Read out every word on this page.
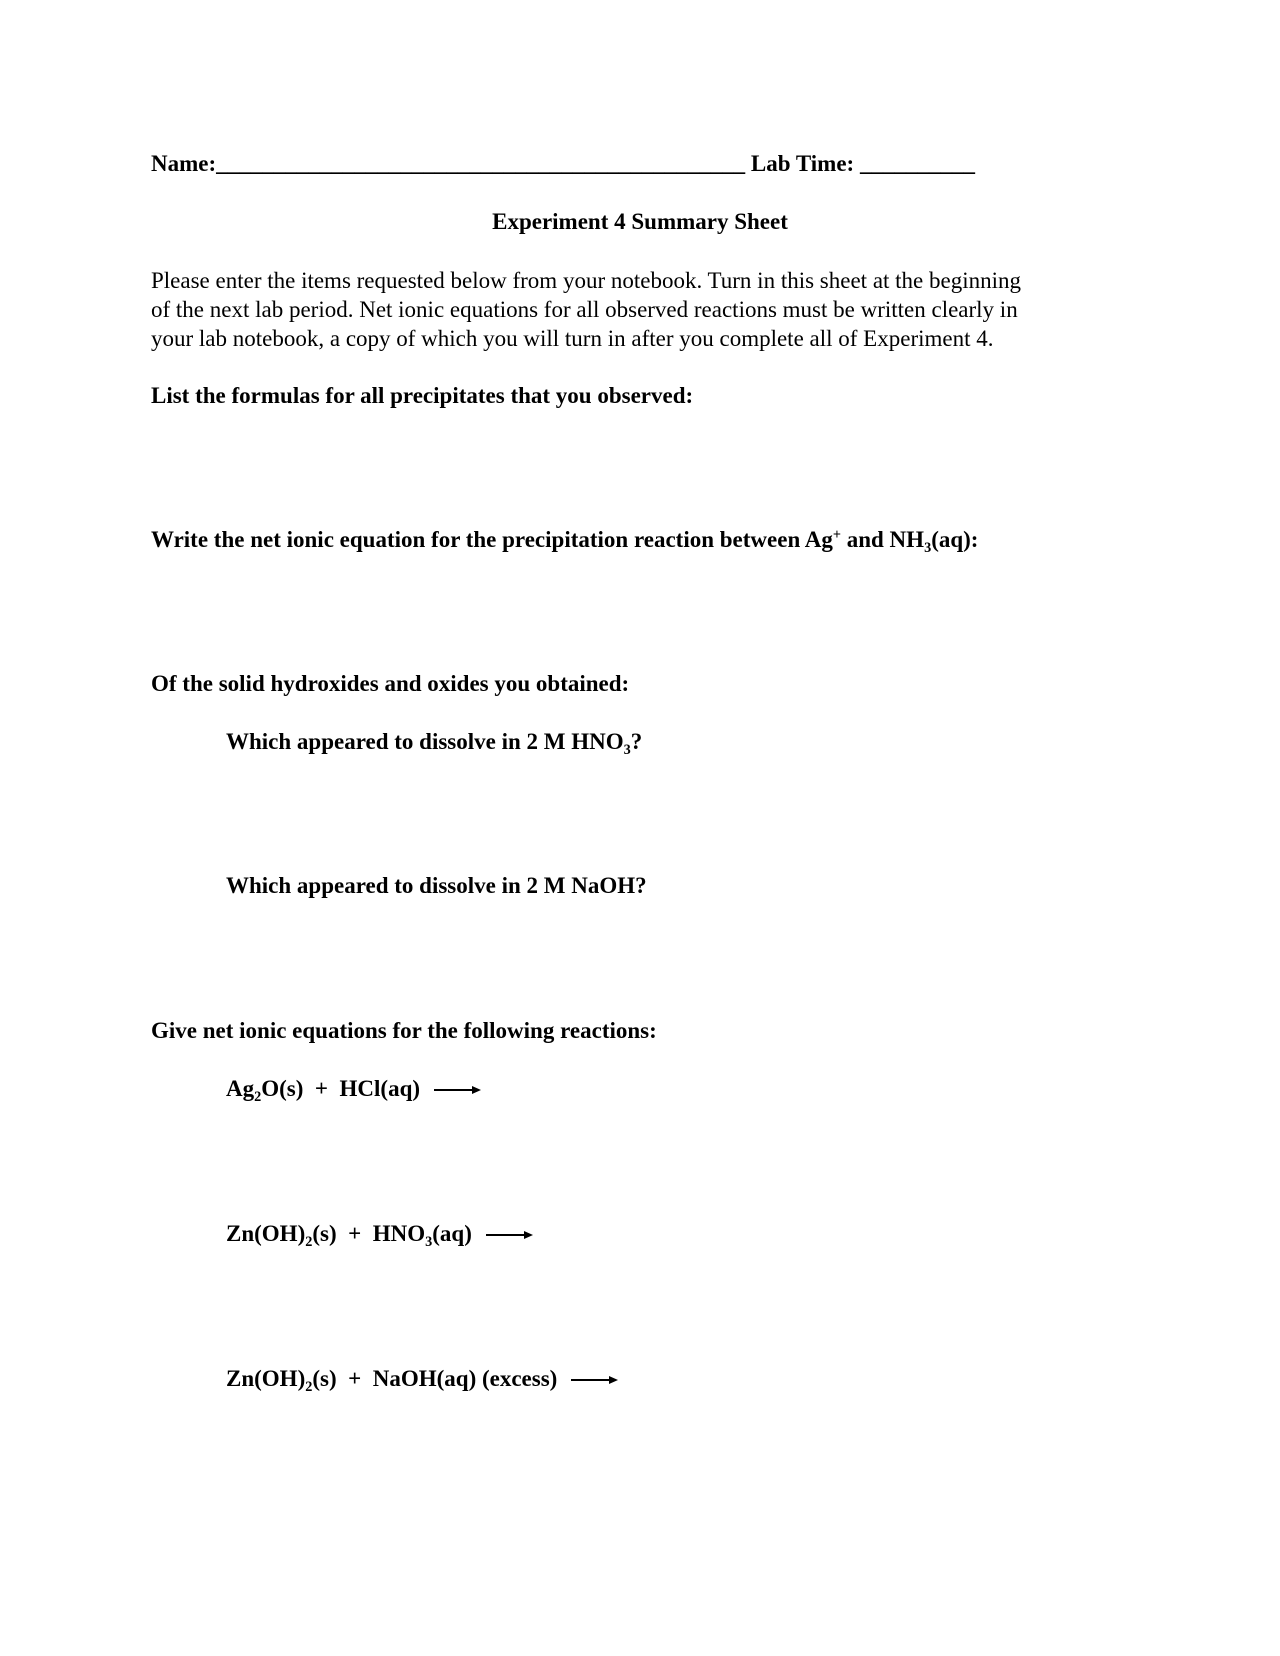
Name:______________________________________________ Lab Time: __________
Experiment 4 Summary Sheet
Please enter the items requested below from your notebook. Turn in this sheet at the beginning
of the next lab period. Net ionic equations for all observed reactions must be written clearly in
your lab notebook, a copy of which you will turn in after you complete all of Experiment 4.
List the formulas for all precipitates that you observed:
Write the net ionic equation for the precipitation reaction between Ag+ and $NH_3(aq)$:
Of the solid hydroxides and oxides you obtained:
Which appeared to dissolve in 2 M $HNO_3$?
Which appeared to dissolve in 2 M NaOH?
Give net ionic equations for the following reactions:
$Ag_2O(s) + HCl(aq)$ →
$Zn(OH)_2(s) + HNO_3(aq)$ →
$Zn(OH)_2(s)$  +  NaOH(aq) (excess) →
